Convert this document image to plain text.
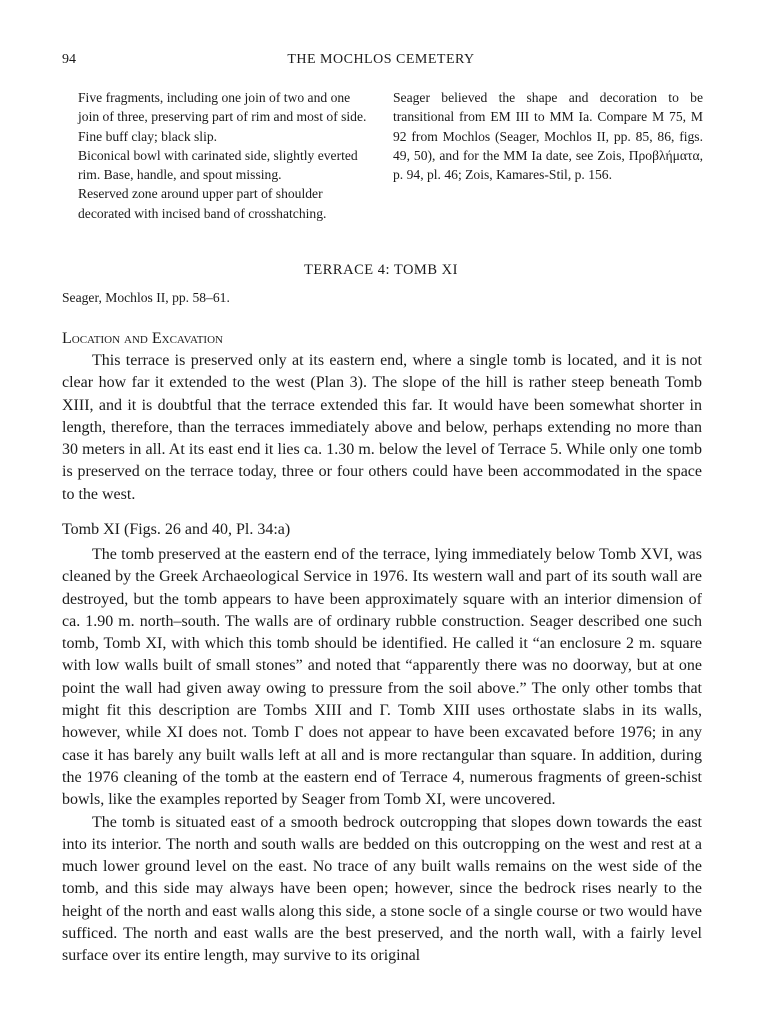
94	THE MOCHLOS CEMETERY

Five fragments, including one join of two and one join of three, preserving part of rim and most of side.

Fine buff clay; black slip.

Biconical bowl with carinated side, slightly everted rim. Base, handle, and spout missing.

Reserved zone around upper part of shoulder decorated with incised band of crosshatching.

Seager believed the shape and decoration to be transitional from EM III to MM Ia. Compare M 75, M 92 from Mochlos (Seager, Mochlos II, pp. 85, 86, figs. 49, 50), and for the MM Ia date, see Zois, Προβλήματα, p. 94, pl. 46; Zois, Kamares-Stil, p. 156.

TERRACE 4: TOMB XI
Seager, Mochlos II, pp. 58–61.
Location and Excavation

This terrace is preserved only at its eastern end, where a single tomb is located, and it is not clear how far it extended to the west (Plan 3). The slope of the hill is rather steep beneath Tomb XIII, and it is doubtful that the terrace extended this far. It would have been somewhat shorter in length, therefore, than the terraces immediately above and below, perhaps extending no more than 30 meters in all. At its east end it lies ca. 1.30 m. below the level of Terrace 5. While only one tomb is preserved on the terrace today, three or four others could have been accommodated in the space to the west.

Tomb XI (Figs. 26 and 40, Pl. 34:a)

The tomb preserved at the eastern end of the terrace, lying immediately below Tomb XVI, was cleaned by the Greek Archaeological Service in 1976. Its western wall and part of its south wall are destroyed, but the tomb appears to have been approximately square with an interior dimension of ca. 1.90 m. north–south. The walls are of ordinary rubble construction. Seager described one such tomb, Tomb XI, with which this tomb should be identified. He called it “an enclosure 2 m. square with low walls built of small stones” and noted that “apparently there was no doorway, but at one point the wall had given away owing to pressure from the soil above.” The only other tombs that might fit this description are Tombs XIII and Γ. Tomb XIII uses orthostate slabs in its walls, however, while XI does not. Tomb Γ does not appear to have been excavated before 1976; in any case it has barely any built walls left at all and is more rectangular than square. In addition, during the 1976 cleaning of the tomb at the eastern end of Terrace 4, numerous fragments of green-schist bowls, like the examples reported by Seager from Tomb XI, were uncovered.

The tomb is situated east of a smooth bedrock outcropping that slopes down towards the east into its interior. The north and south walls are bedded on this outcropping on the west and rest at a much lower ground level on the east. No trace of any built walls remains on the west side of the tomb, and this side may always have been open; however, since the bedrock rises nearly to the height of the north and east walls along this side, a stone socle of a single course or two would have sufficed. The north and east walls are the best preserved, and the north wall, with a fairly level surface over its entire length, may survive to its original
